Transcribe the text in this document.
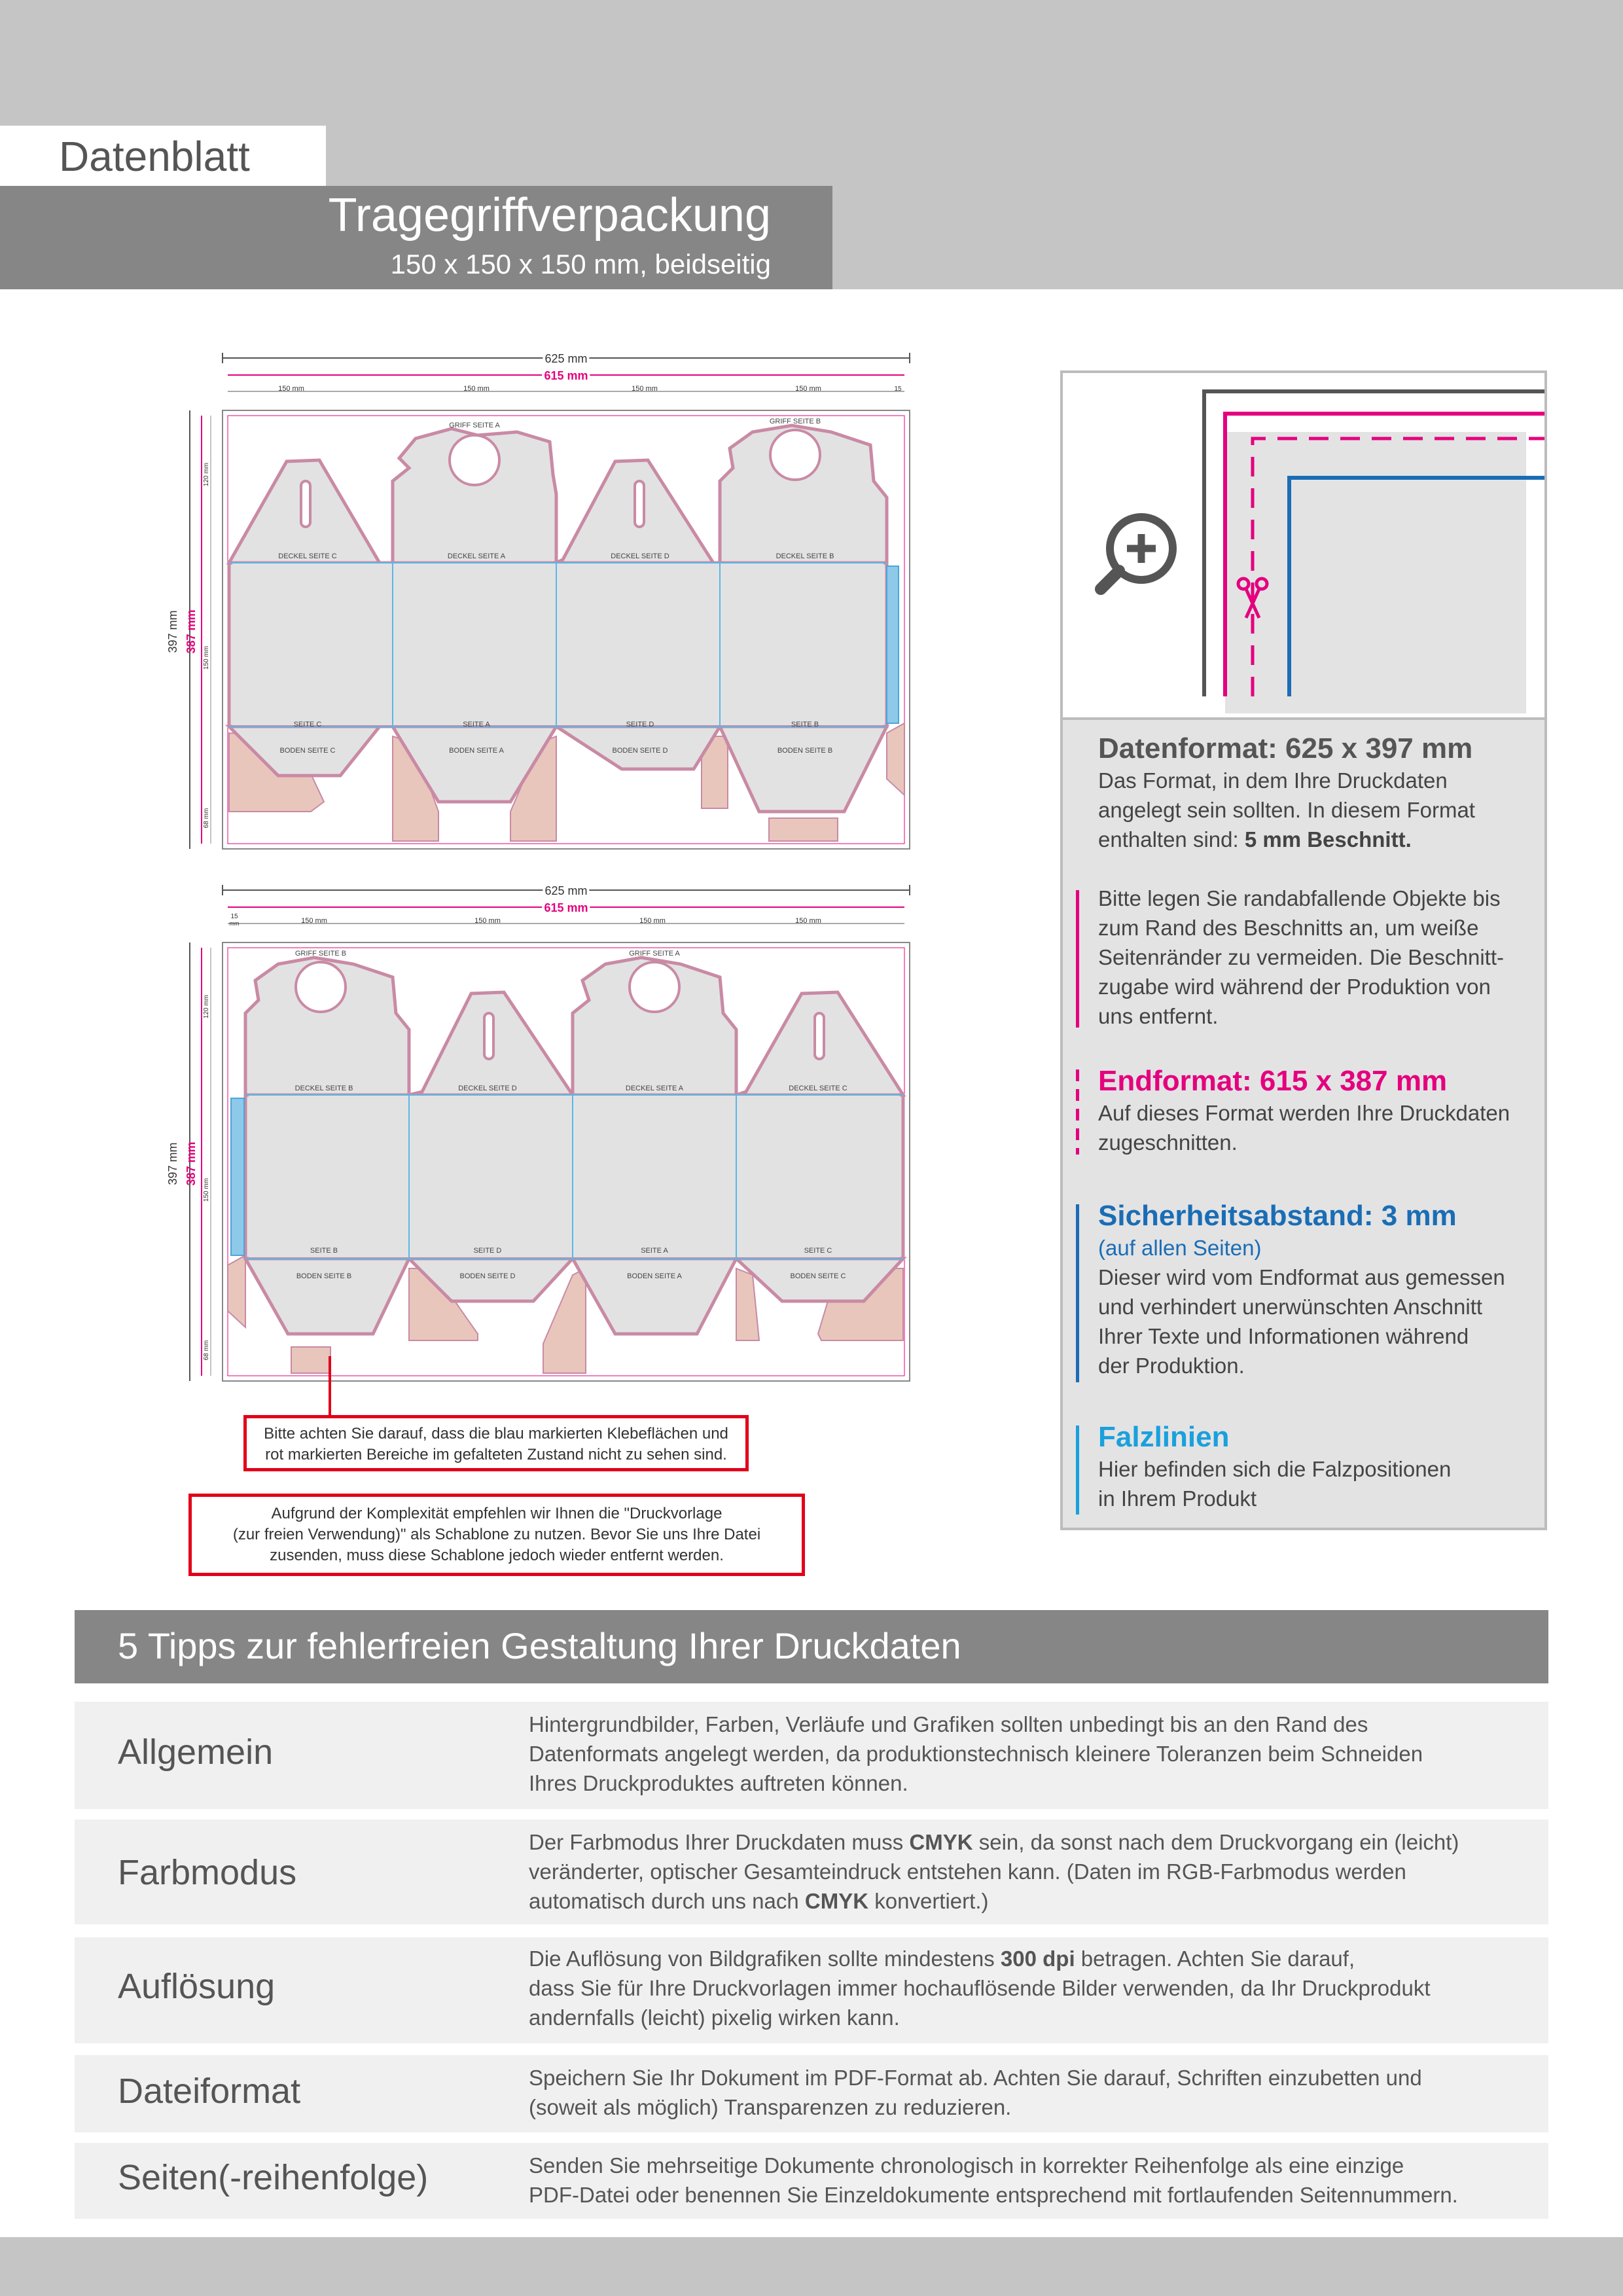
Datenblatt
Tragegriffverpackung
150 x 150 x 150 mm, beidseitig
625 mm
615 mm
150 mm	150 mm	150 mm	150 mm	15
397 mm 387 mm
120 mm
150 mm
68 mm
GRIFF SEITE A	GRIFF SEITE B
DECKEL SEITE C	DECKEL SEITE A	DECKEL SEITE D	DECKEL SEITE B
SEITE C	SEITE A	SEITE D	SEITE B
BODEN SEITE C	BODEN SEITE A	BODEN SEITE D	BODEN SEITE B
625 mm
615 mm
15
mm	150 mm	150 mm	150 mm	150 mm
397 mm 387 mm
120 mm
150 mm
68 mm
GRIFF SEITE B	GRIFF SEITE A
DECKEL SEITE B	DECKEL SEITE D	DECKEL SEITE A	DECKEL SEITE C
SEITE B	SEITE D	SEITE A	SEITE C
BODEN SEITE B	BODEN SEITE D	BODEN SEITE A	BODEN SEITE C
Bitte achten Sie darauf, dass die blau markierten Klebeflächen und
rot markierten Bereiche im gefalteten Zustand nicht zu sehen sind.
Aufgrund der Komplexität empfehlen wir Ihnen die "Druckvorlage
(zur freien Verwendung)" als Schablone zu nutzen. Bevor Sie uns Ihre Datei
zusenden, muss diese Schablone jedoch wieder entfernt werden.
Datenformat: 625 x 397 mm
Das Format, in dem Ihre Druckdaten
angelegt sein sollten. In diesem Format
enthalten sind: 5 mm Beschnitt.
Bitte legen Sie randabfallende Objekte bis
zum Rand des Beschnitts an, um weiße
Seitenränder zu vermeiden. Die Beschnitt-
zugabe wird während der Produktion von
uns entfernt.
Endformat: 615 x 387 mm
Auf dieses Format werden Ihre Druckdaten
zugeschnitten.
Sicherheitsabstand: 3 mm
(auf allen Seiten)
Dieser wird vom Endformat aus gemessen
und verhindert unerwünschten Anschnitt
Ihrer Texte und Informationen während
der Produktion.
Falzlinien
Hier befinden sich die Falzpositionen
in Ihrem Produkt
5 Tipps zur fehlerfreien Gestaltung Ihrer Druckdaten
Allgemein
Hintergrundbilder, Farben, Verläufe und Grafiken sollten unbedingt bis an den Rand des
Datenformats angelegt werden, da produktionstechnisch kleinere Toleranzen beim Schneiden
Ihres Druckproduktes auftreten können.
Farbmodus
Der Farbmodus Ihrer Druckdaten muss CMYK sein, da sonst nach dem Druckvorgang ein (leicht)
veränderter, optischer Gesamteindruck entstehen kann. (Daten im RGB-Farbmodus werden
automatisch durch uns nach CMYK konvertiert.)
Auflösung
Die Auflösung von Bildgrafiken sollte mindestens 300 dpi betragen. Achten Sie darauf,
dass Sie für Ihre Druckvorlagen immer hochauflösende Bilder verwenden, da Ihr Druckprodukt
andernfalls (leicht) pixelig wirken kann.
Dateiformat	Speichern Sie Ihr Dokument im PDF-Format ab. Achten Sie darauf, Schriften einzubetten und
(soweit als möglich) Transparenzen zu reduzieren.
Seiten(-reihenfolge)	Senden Sie mehrseitige Dokumente chronologisch in korrekter Reihenfolge als eine einzige
PDF-Datei oder benennen Sie Einzeldokumente entsprechend mit fortlaufenden Seitennummern.
